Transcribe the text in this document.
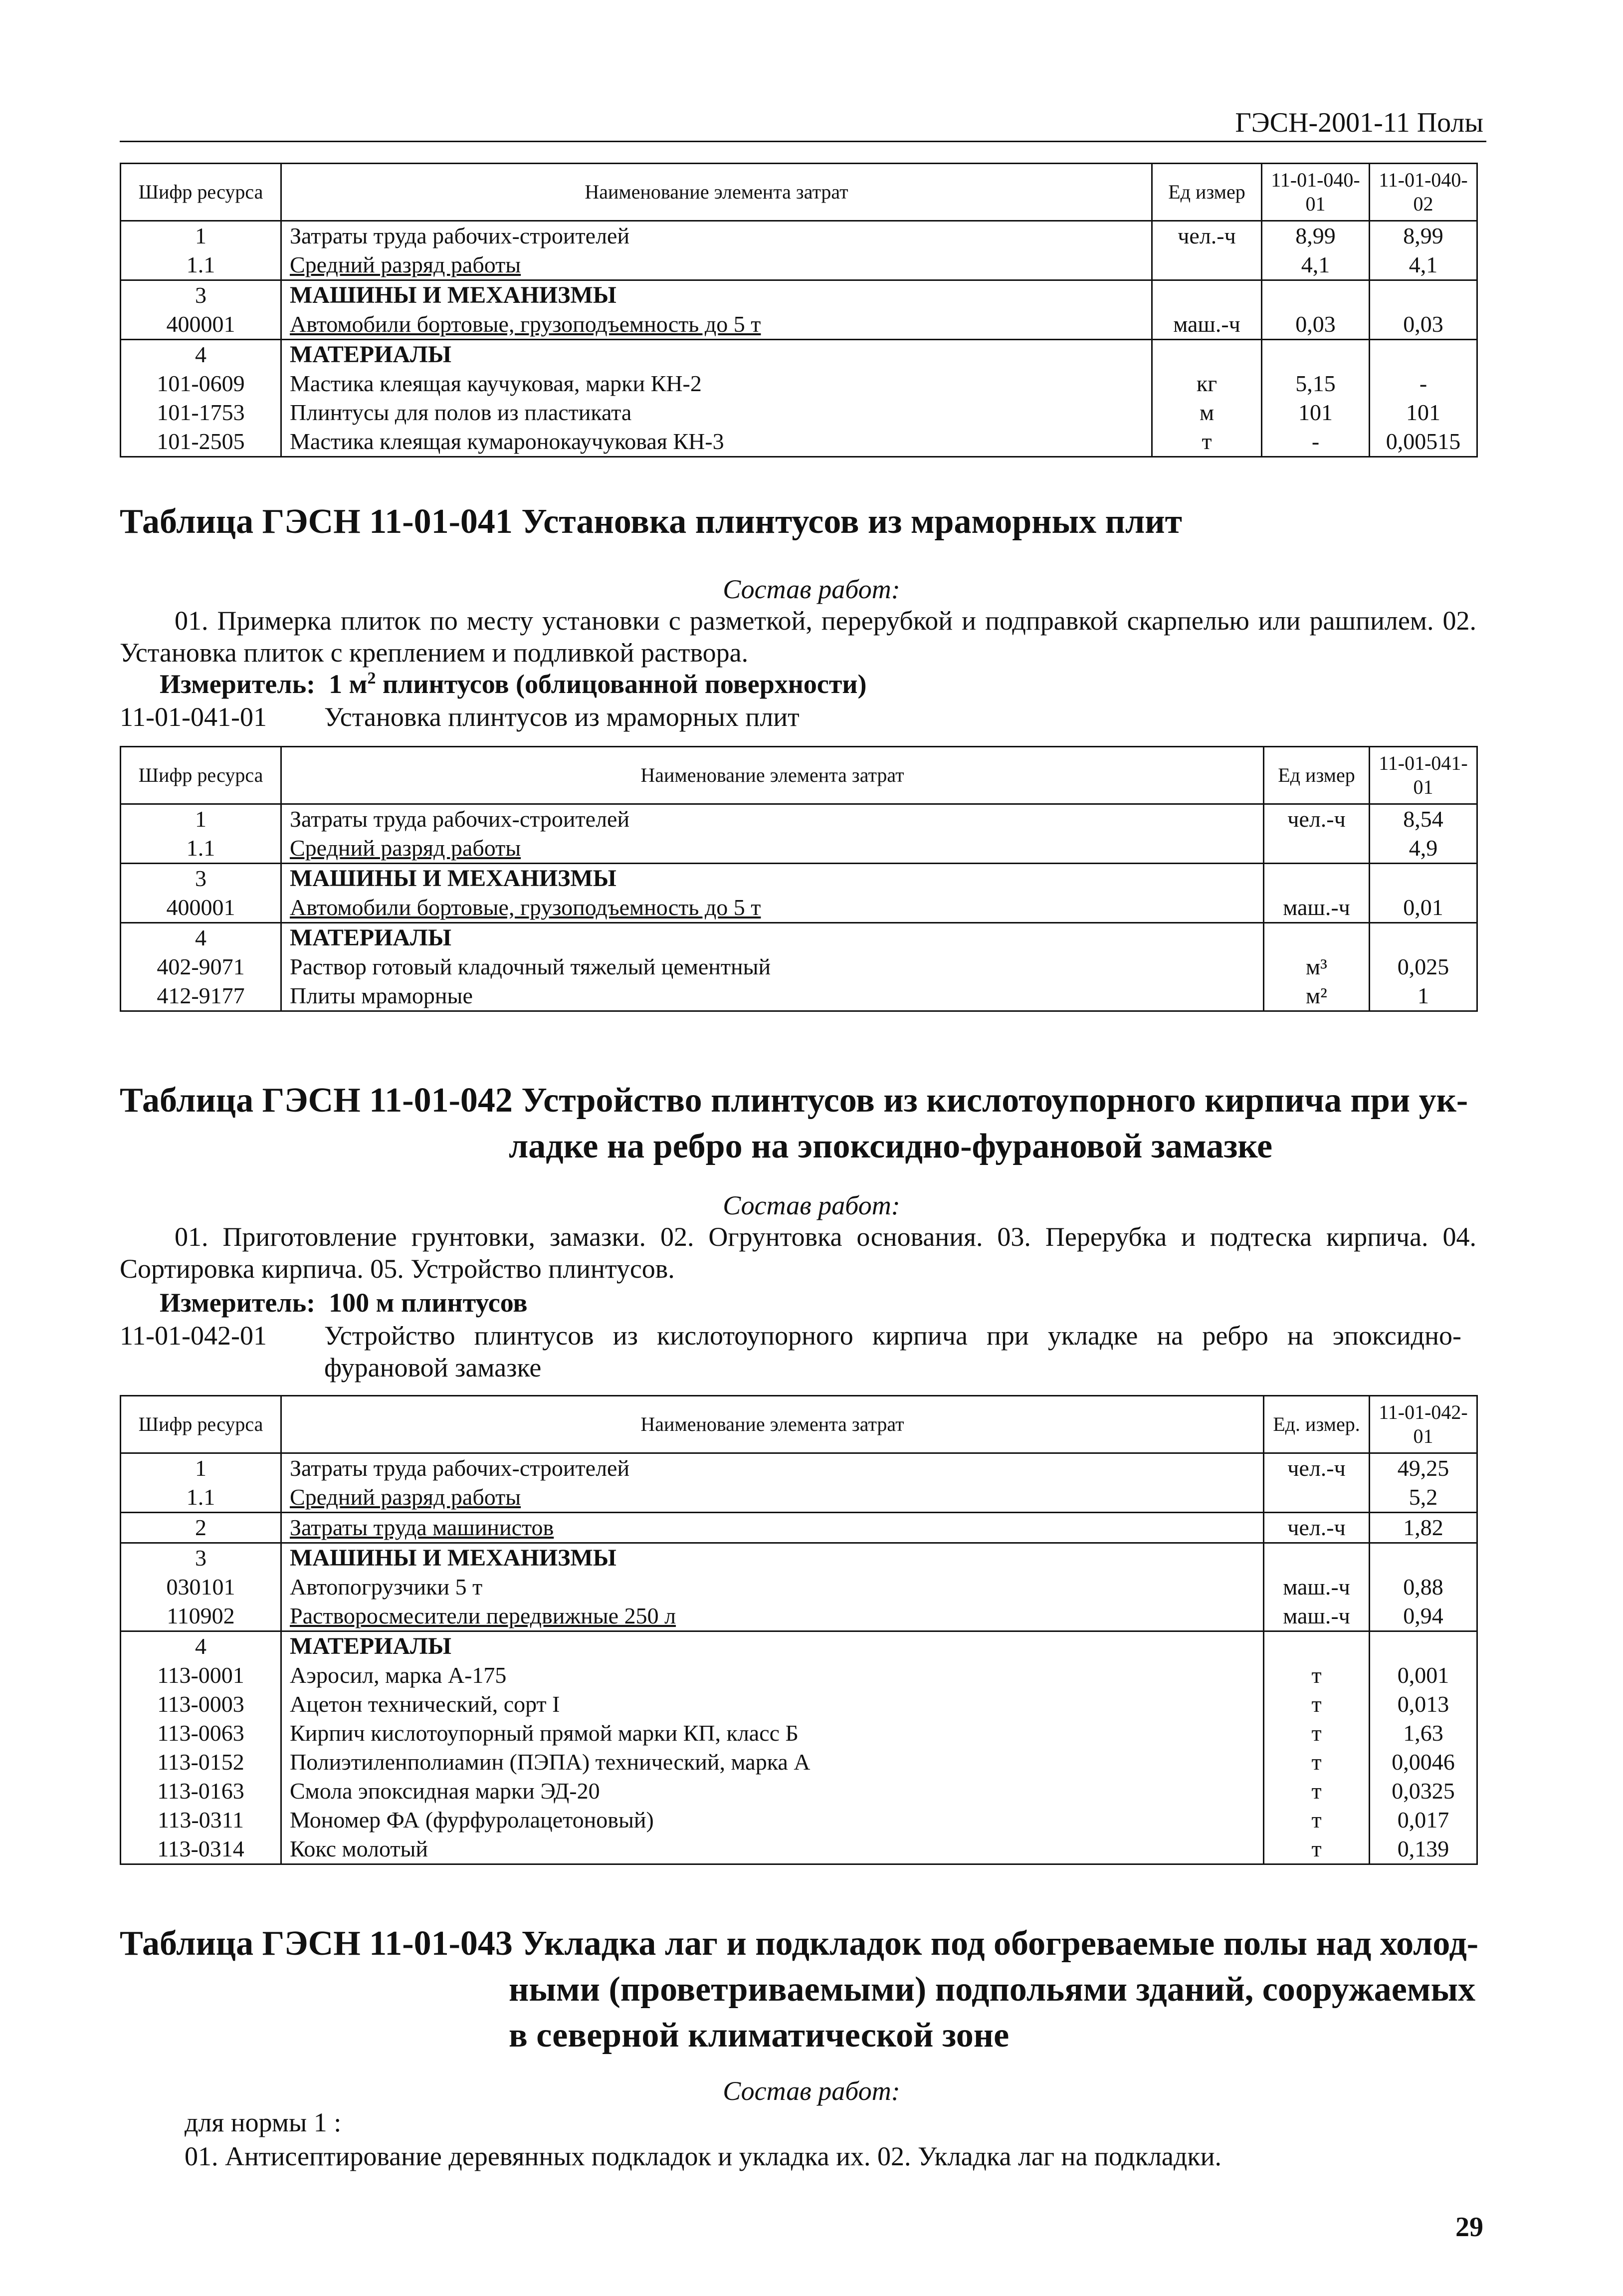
ГЭСН-2001-11 Полы
Шифр ресурса	Наименование элемента затрат	Ед измер	11-01-040-01	11-01-040-02
1	Затраты труда рабочих-строителей	чел.-ч	8,99	8,99
1.1	Средний разряд работы		4,1	4,1
3	МАШИНЫ И МЕХАНИЗМЫ			
400001	Автомобили бортовые, грузоподъемность до 5 т	маш.-ч	0,03	0,03
4	МАТЕРИАЛЫ			
101-0609	Мастика клеящая каучуковая, марки КН-2	кг	5,15	-
101-1753	Плинтусы для полов из пластиката	м	101	101
101-2505	Мастика клеящая кумаронокаучуковая КН-3	т	-	0,00515
Таблица ГЭСН 11-01-041 Установка плинтусов из мраморных плит
Состав работ:
01. Примерка плиток по месту установки с разметкой, перерубкой и подправкой скарпелью или рашпилем. 02. Установка плиток с креплением и подливкой раствора.
Измеритель: 1 $м^2$ плинтусов (облицованной поверхности)
11-01-041-01 Установка плинтусов из мраморных плит
Шифр ресурса	Наименование элемента затрат	Ед измер	11-01-041-01
1	Затраты труда рабочих-строителей	чел.-ч	8,54
1.1	Средний разряд работы		4,9
3	МАШИНЫ И МЕХАНИЗМЫ		
400001	Автомобили бортовые, грузоподъемность до 5 т	маш.-ч	0,01
4	МАТЕРИАЛЫ		
402-9071	Раствор готовый кладочный тяжелый цементный	м³	0,025
412-9177	Плиты мраморные	м²	1
Таблица ГЭСН 11-01-042 Устройство плинтусов из кислотоупорного кирпича при ук-
ладке на ребро на эпоксидно-фурановой замазке
Состав работ:
01. Приготовление грунтовки, замазки. 02. Огрунтовка основания. 03. Перерубка и подтеска кирпича. 04. Сортировка кирпича. 05. Устройство плинтусов.
Измеритель: 100 м плинтусов
11-01-042-01 Устройство плинтусов из кислотоупорного кирпича при укладке на ребро на эпоксидно-фурановой замазке
Шифр ресурса	Наименование элемента затрат	Ед. измер.	11-01-042-01
1	Затраты труда рабочих-строителей	чел.-ч	49,25
1.1	Средний разряд работы		5,2
2	Затраты труда машинистов	чел.-ч	1,82
3	МАШИНЫ И МЕХАНИЗМЫ		
030101	Автопогрузчики 5 т	маш.-ч	0,88
110902	Растворосмесители передвижные 250 л	маш.-ч	0,94
4	МАТЕРИАЛЫ		
113-0001	Аэросил, марка А-175	т	0,001
113-0003	Ацетон технический, сорт I	т	0,013
113-0063	Кирпич кислотоупорный прямой марки КП, класс Б	т	1,63
113-0152	Полиэтиленполиамин (ПЭПА) технический, марка А	т	0,0046
113-0163	Смола эпоксидная марки ЭД-20	т	0,0325
113-0311	Мономер ФА (фурфуролацетоновый)	т	0,017
113-0314	Кокс молотый	т	0,139
Таблица ГЭСН 11-01-043 Укладка лаг и подкладок под обогреваемые полы над холод-
ными (проветриваемыми) подпольями зданий, сооружаемых
в северной климатической зоне
Состав работ:
для нормы 1 :
01. Антисептирование деревянных подкладок и укладка их. 02. Укладка лаг на подкладки.
29
